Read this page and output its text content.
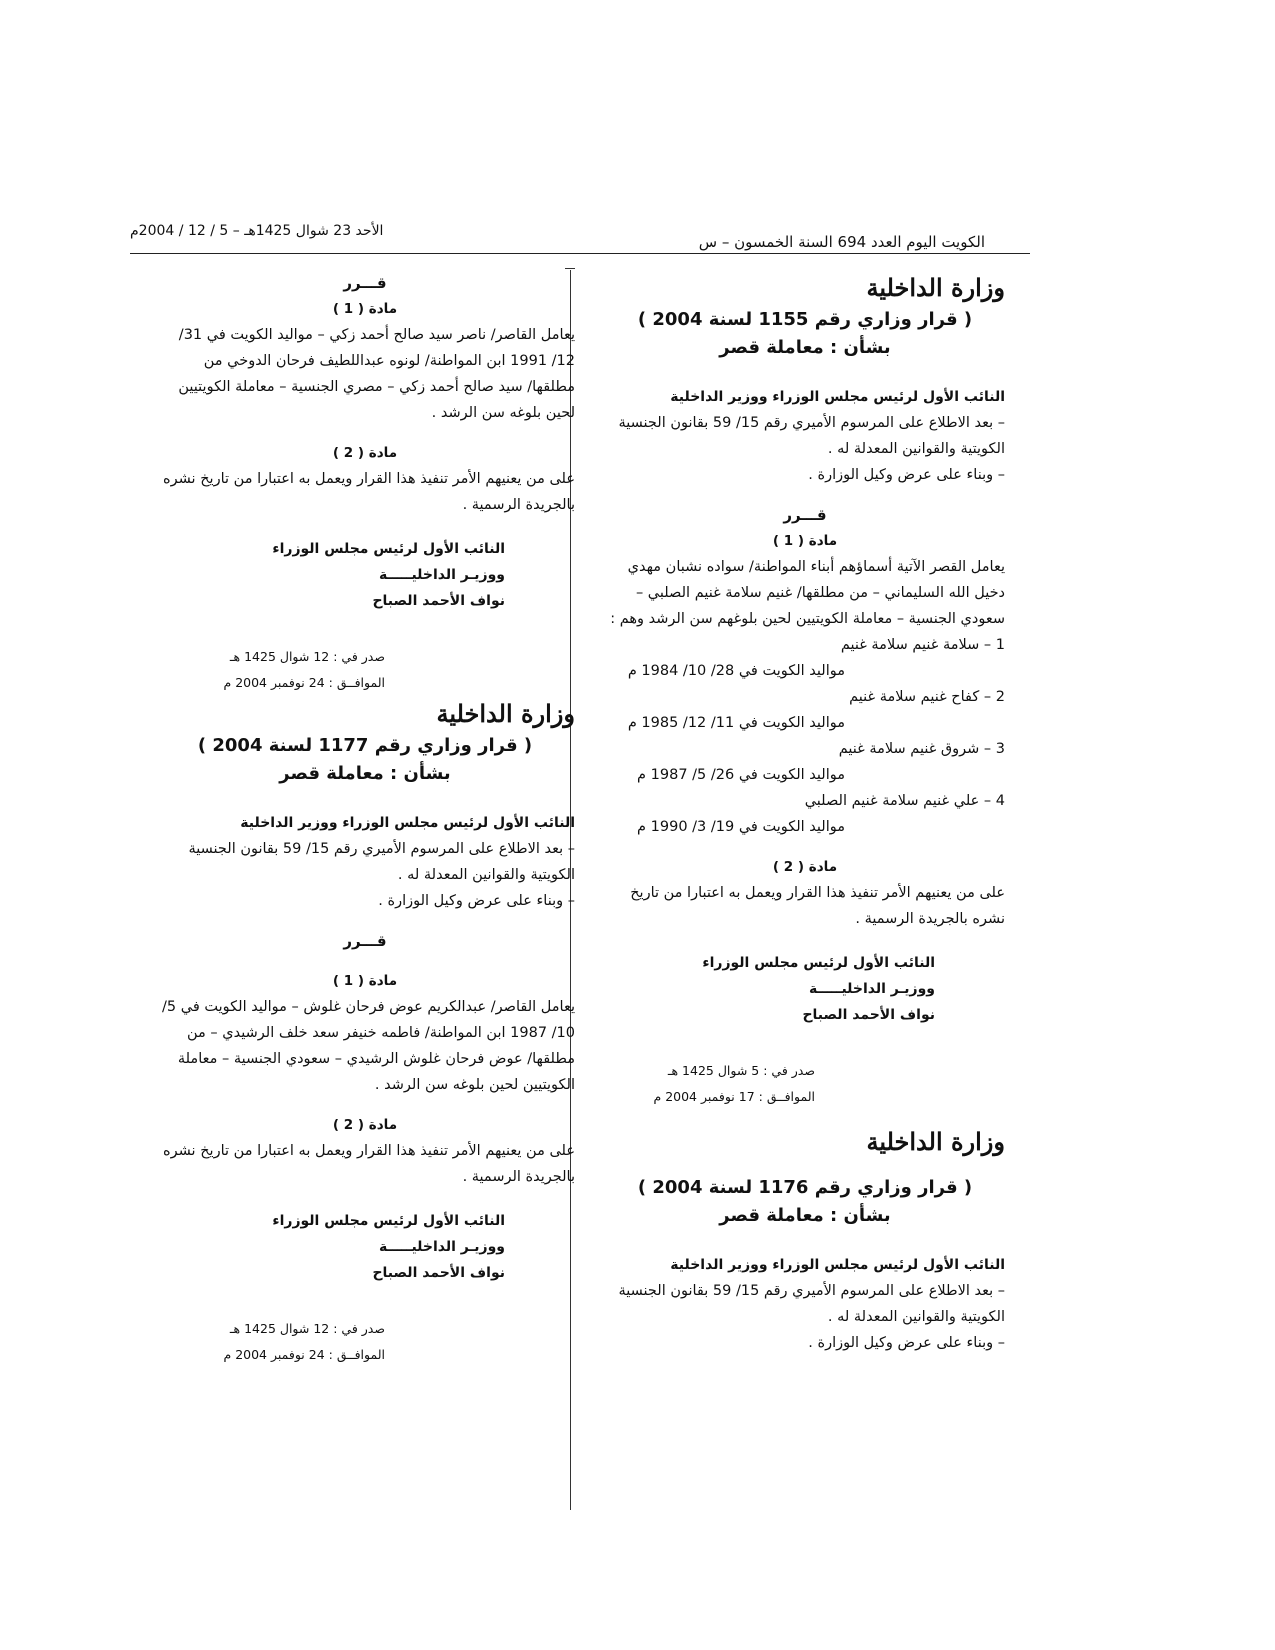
الكويت اليوم العدد 694 السنة الخمسون – س
الأحد 23 شوال 1425هـ – 5 / 12 / 2004م
وزارة الداخلية
( قرار وزاري رقم 1155 لسنة 2004 )
بشأن : معاملة قصر
النائب الأول لرئيس مجلس الوزراء ووزير الداخلية
– بعد الاطلاع على المرسوم الأميري رقم 15/ 59 بقانون الجنسية الكويتية والقوانين المعدلة له .
– وبناء على عرض وكيل الوزارة .
قـــرر
مادة ( 1 )
يعامل القصر الآتية أسماؤهم أبناء المواطنة/ سواده نشبان مهدي دخيل الله السليماني – من مطلقها/ غنيم سلامة غنيم الصلبي – سعودي الجنسية – معاملة الكويتيين لحين بلوغهم سن الرشد وهم :
1 – سلامة غنيم سلامة غنيم
مواليد الكويت في 28/ 10/ 1984 م
2 – كفاح غنيم سلامة غنيم
مواليد الكويت في 11/ 12/ 1985 م
3 – شروق غنيم سلامة غنيم
مواليد الكويت في 26/ 5/ 1987 م
4 – علي غنيم سلامة غنيم الصلبي
مواليد الكويت في 19/ 3/ 1990 م
مادة ( 2 )
على من يعنيهم الأمر تنفيذ هذا القرار ويعمل به اعتبارا من تاريخ نشره بالجريدة الرسمية .
النائب الأول لرئيس مجلس الوزراء
ووزيـر الداخليـــــة
نواف الأحمد الصباح
صدر في : 5 شوال 1425 هـ
الموافــق : 17 نوفمبر 2004 م
وزارة الداخلية
( قرار وزاري رقم 1176 لسنة 2004 )
بشأن : معاملة قصر
النائب الأول لرئيس مجلس الوزراء ووزير الداخلية
– بعد الاطلاع على المرسوم الأميري رقم 15/ 59 بقانون الجنسية الكويتية والقوانين المعدلة له .
– وبناء على عرض وكيل الوزارة .
قـــرر
مادة ( 1 )
يعامل القاصر/ ناصر سيد صالح أحمد زكي – مواليد الكويت في 31/ 12/ 1991 ابن المواطنة/ لونوه عبداللطيف فرحان الدوخي من مطلقها/ سيد صالح أحمد زكي – مصري الجنسية – معاملة الكويتيين لحين بلوغه سن الرشد .
مادة ( 2 )
على من يعنيهم الأمر تنفيذ هذا القرار ويعمل به اعتبارا من تاريخ نشره بالجريدة الرسمية .
النائب الأول لرئيس مجلس الوزراء
ووزيـر الداخليـــــة
نواف الأحمد الصباح
صدر في : 12 شوال 1425 هـ
الموافــق : 24 نوفمبر 2004 م
وزارة الداخلية
( قرار وزاري رقم 1177 لسنة 2004 )
بشأن : معاملة قصر
النائب الأول لرئيس مجلس الوزراء ووزير الداخلية
– بعد الاطلاع على المرسوم الأميري رقم 15/ 59 بقانون الجنسية الكويتية والقوانين المعدلة له .
– وبناء على عرض وكيل الوزارة .
قـــرر
مادة ( 1 )
يعامل القاصر/ عبدالكريم عوض فرحان غلوش – مواليد الكويت في 5/ 10/ 1987 ابن المواطنة/ فاطمه خنيفر سعد خلف الرشيدي – من مطلقها/ عوض فرحان غلوش الرشيدي – سعودي الجنسية – معاملة الكويتيين لحين بلوغه سن الرشد .
مادة ( 2 )
على من يعنيهم الأمر تنفيذ هذا القرار ويعمل به اعتبارا من تاريخ نشره بالجريدة الرسمية .
النائب الأول لرئيس مجلس الوزراء
ووزيـر الداخليـــــة
نواف الأحمد الصباح
صدر في : 12 شوال 1425 هـ
الموافــق : 24 نوفمبر 2004 م
